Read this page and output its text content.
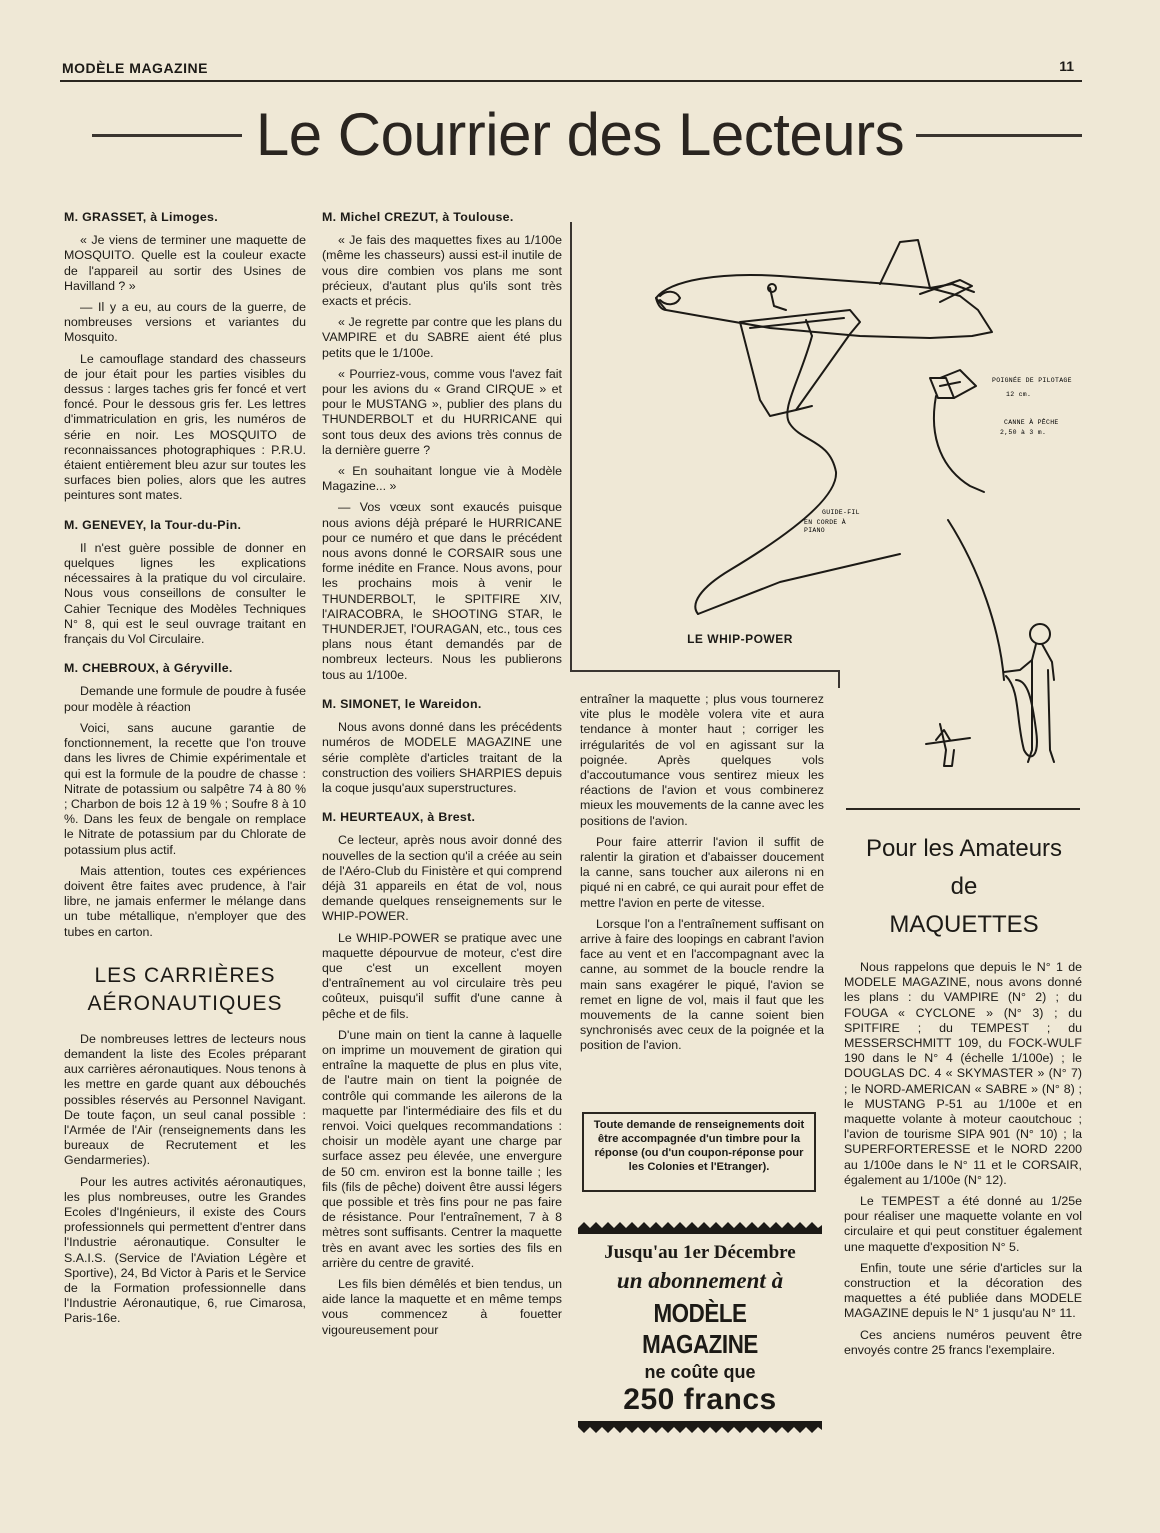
MODÈLE MAGAZINE	11
Le Courrier des Lecteurs
M. GRASSET, à Limoges.

« Je viens de terminer une maquette de MOSQUITO. Quelle est la couleur exacte de l'appareil au sortir des Usines de Havilland ? »

— Il y a eu, au cours de la guerre, de nombreuses versions et variantes du Mosquito.

Le camouflage standard des chasseurs de jour était pour les parties visibles du dessus : larges taches gris fer foncé et vert foncé. Pour le dessous gris fer. Les lettres d'immatriculation en gris, les numéros de série en noir. Les MOSQUITO de reconnaissances photographiques : P.R.U. étaient entièrement bleu azur sur toutes les surfaces bien polies, alors que les autres peintures sont mates.

M. GENEVEY, la Tour-du-Pin.

Il n'est guère possible de donner en quelques lignes les explications nécessaires à la pratique du vol circulaire. Nous vous conseillons de consulter le Cahier Tecnique des Modèles Techniques N° 8, qui est le seul ouvrage traitant en français du Vol Circulaire.

M. CHEBROUX, à Géryville.

Demande une formule de poudre à fusée pour modèle à réaction

Voici, sans aucune garantie de fonctionnement, la recette que l'on trouve dans les livres de Chimie expérimentale et qui est la formule de la poudre de chasse : Nitrate de potassium ou salpêtre 74 à 80 % ; Charbon de bois 12 à 19 % ; Soufre 8 à 10 %. Dans les feux de bengale on remplace le Nitrate de potassium par du Chlorate de potassium plus actif.

Mais attention, toutes ces expériences doivent être faites avec prudence, à l'air libre, ne jamais enfermer le mélange dans un tube métallique, n'employer que des tubes en carton.

LES CARRIÈRES AÉRONAUTIQUES

De nombreuses lettres de lecteurs nous demandent la liste des Ecoles préparant aux carrières aéronautiques. Nous tenons à les mettre en garde quant aux débouchés possibles réservés au Personnel Navigant. De toute façon, un seul canal possible : l'Armée de l'Air (renseignements dans les bureaux de Recrutement et les Gendarmeries).

Pour les autres activités aéronautiques, les plus nombreuses, outre les Grandes Ecoles d'Ingénieurs, il existe des Cours professionnels qui permettent d'entrer dans l'Industrie aéronautique. Consulter le S.A.I.S. (Service de l'Aviation Légère et Sportive), 24, Bd Victor à Paris et le Service de la Formation professionnelle dans l'Industrie Aéronautique, 6, rue Cimarosa, Paris-16e.

M. Michel CREZUT, à Toulouse.

« Je fais des maquettes fixes au 1/100e (même les chasseurs) aussi est-il inutile de vous dire combien vos plans me sont précieux, d'autant plus qu'ils sont très exacts et précis.

« Je regrette par contre que les plans du VAMPIRE et du SABRE aient été plus petits que le 1/100e.

« Pourriez-vous, comme vous l'avez fait pour les avions du « Grand CIRQUE » et pour le MUSTANG », publier des plans du THUNDERBOLT et du HURRICANE qui sont tous deux des avions très connus de la dernière guerre ?

« En souhaitant longue vie à Modèle Magazine... »

— Vos vœux sont exaucés puisque nous avions déjà préparé le HURRICANE pour ce numéro et que dans le précédent nous avons donné le CORSAIR sous une forme inédite en France. Nous avons, pour les prochains mois à venir le THUNDERBOLT, le SPITFIRE XIV, l'AIRACOBRA, le SHOOTING STAR, le THUNDERJET, l'OURAGAN, etc., tous ces plans nous étant demandés par de nombreux lecteurs. Nous les publierons tous au 1/100e.

M. SIMONET, le Wareidon.

Nous avons donné dans les précédents numéros de MODELE MAGAZINE une série complète d'articles traitant de la construction des voiliers SHARPIES depuis la coque jusqu'aux superstructures.

M. HEURTEAUX, à Brest.

Ce lecteur, après nous avoir donné des nouvelles de la section qu'il a créée au sein de l'Aéro-Club du Finistère et qui comprend déjà 31 appareils en état de vol, nous demande quelques renseignements sur le WHIP-POWER.

Le WHIP-POWER se pratique avec une maquette dépourvue de moteur, c'est dire que c'est un excellent moyen d'entraînement au vol circulaire très peu coûteux, puisqu'il suffit d'une canne à pêche et de fils.

D'une main on tient la canne à laquelle on imprime un mouvement de giration qui entraîne la maquette de plus en plus vite, de l'autre main on tient la poignée de contrôle qui commande les ailerons de la maquette par l'intermédiaire des fils et du renvoi. Voici quelques recommandations : choisir un modèle ayant une charge par surface assez peu élevée, une envergure de 50 cm. environ est la bonne taille ; les fils (fils de pêche) doivent être aussi légers que possible et très fins pour ne pas faire de résistance. Pour l'entraînement, 7 à 8 mètres sont suffisants. Centrer la maquette très en avant avec les sorties des fils en arrière du centre de gravité.

Les fils bien démêlés et bien tendus, un aide lance la maquette et en même temps vous commencez à fouetter vigoureusement pour

entraîner la maquette ; plus vous tournerez vite plus le modèle volera vite et aura tendance à monter haut ; corriger les irrégularités de vol en agissant sur la poignée. Après quelques vols d'accoutumance vous sentirez mieux les réactions de l'avion et vous combinerez mieux les mouvements de la canne avec les positions de l'avion.

Pour faire atterrir l'avion il suffit de ralentir la giration et d'abaisser doucement la canne, sans toucher aux ailerons ni en piqué ni en cabré, ce qui aurait pour effet de mettre l'avion en perte de vitesse.

Lorsque l'on a l'entraînement suffisant on arrive à faire des loopings en cabrant l'avion face au vent et en l'accompagnant avec la canne, au sommet de la boucle rendre la main sans exagérer le piqué, l'avion se remet en ligne de vol, mais il faut que les mouvements de la canne soient bien synchronisés avec ceux de la poignée et la position de l'avion.

POIGNÉE DE PILOTAGE
12 cm.
CANNE À PÊCHE
2,50 à 3 m.
GUIDE-FIL
EN CORDE À
PIANO
LE WHIP-POWER
Toute demande de renseignements doit être accompagnée d'un timbre pour la réponse (ou d'un coupon-réponse pour les Colonies et l'Etranger).
Jusqu'au 1er Décembre
un abonnement à
MODÈLE MAGAZINE
ne coûte que
250 francs
Pour les Amateurs
de
MAQUETTES

Nous rappelons que depuis le N° 1 de MODELE MAGAZINE, nous avons donné les plans : du VAMPIRE (N° 2) ; du FOUGA « CYCLONE » (N° 3) ; du SPITFIRE ; du TEMPEST ; du MESSERSCHMITT 109, du FOCK-WULF 190 dans le N° 4 (échelle 1/100e) ; le DOUGLAS DC. 4 « SKYMASTER » (N° 7) ; le NORD-AMERICAN « SABRE » (N° 8) ; le MUSTANG P-51 au 1/100e et en maquette volante à moteur caoutchouc ; l'avion de tourisme SIPA 901 (N° 10) ; la SUPERFORTERESSE et le NORD 2200 au 1/100e dans le N° 11 et le CORSAIR, également au 1/100e (N° 12).

Le TEMPEST a été donné au 1/25e pour réaliser une maquette volante en vol circulaire et qui peut constituer également une maquette d'exposition N° 5.

Enfin, toute une série d'articles sur la construction et la décoration des maquettes a été publiée dans MODELE MAGAZINE depuis le N° 1 jusqu'au N° 11.

Ces anciens numéros peuvent être envoyés contre 25 francs l'exemplaire.
